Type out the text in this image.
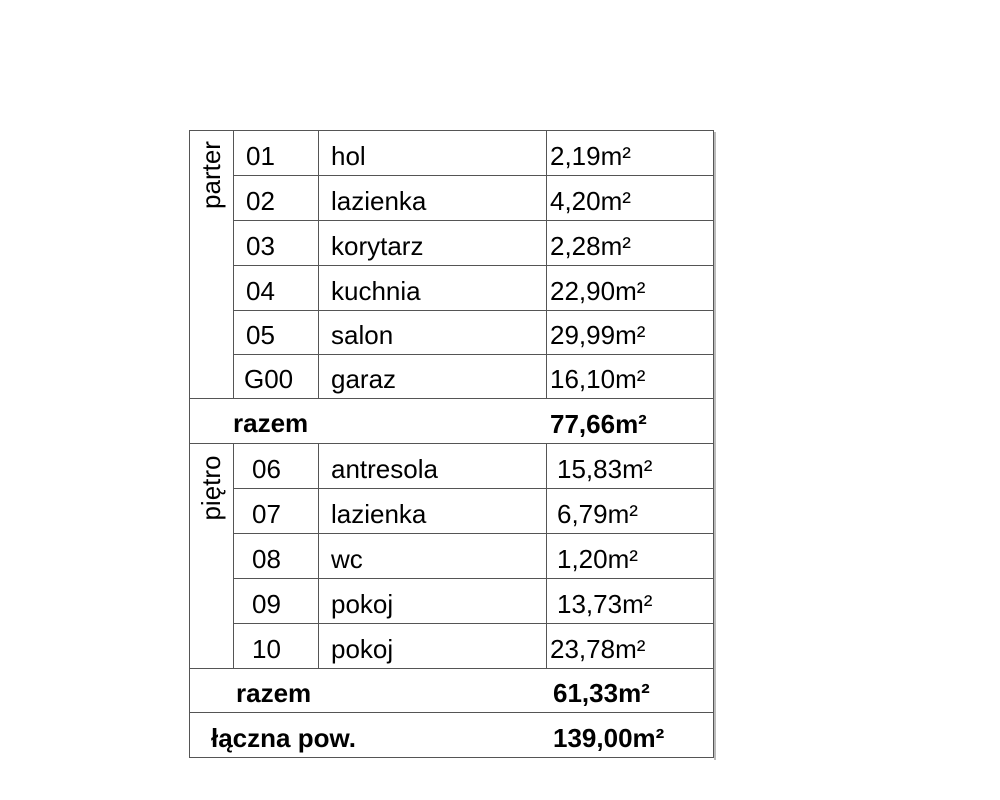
parter
piętro
01 hol	2,19m²
02 lazienka	4,20m²
03 korytarz	2,28m²
04 kuchnia	22,90m²
05 salon	29,99m²
G00 garaz	16,10m²
razem	77,66m²
06 antresola	15,83m²
07 lazienka	6,79m²
08 wc	1,20m²
09 pokoj	13,73m²
10 pokoj	23,78m²
razem	61,33m²
łączna pow.	139,00m²
